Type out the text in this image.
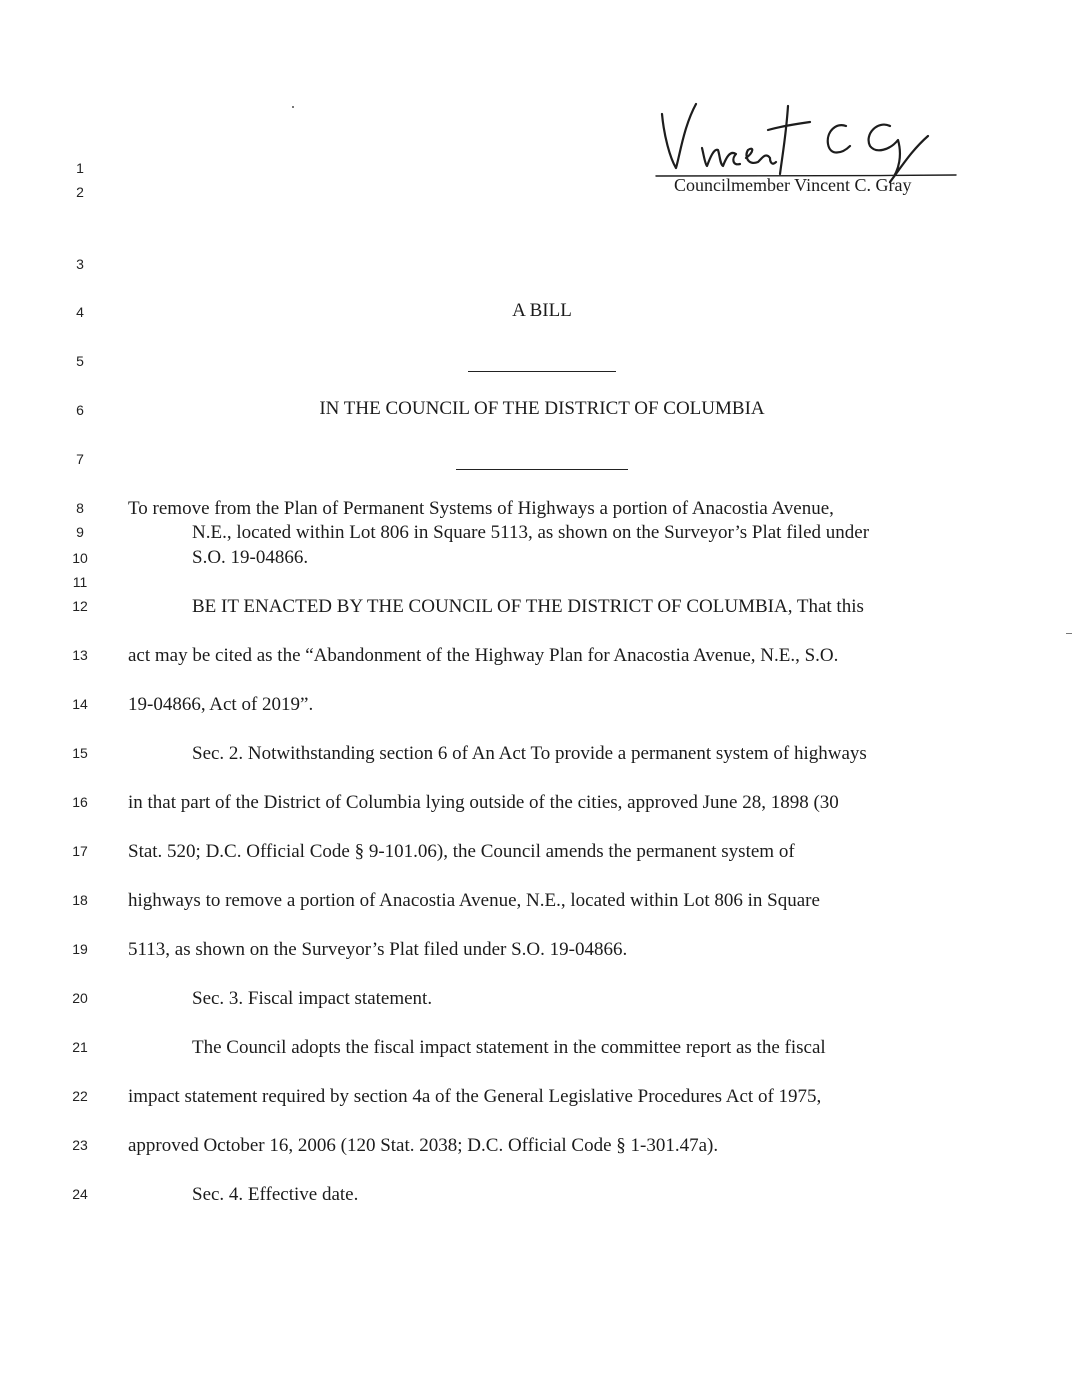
Councilmember Vincent C. Gray
1
2
3
4
5
6
7
8
9
10
11
12
13
14
15
16
17
18
19
20
21
22
23
24
A BILL
IN THE COUNCIL OF THE DISTRICT OF COLUMBIA
To remove from the Plan of Permanent Systems of Highways a portion of Anacostia Avenue,
N.E., located within Lot 806 in Square 5113, as shown on the Surveyor’s Plat filed under
S.O. 19-04866.
BE IT ENACTED BY THE COUNCIL OF THE DISTRICT OF COLUMBIA, That this
act may be cited as the “Abandonment of the Highway Plan for Anacostia Avenue, N.E., S.O.
19-04866, Act of 2019”.
Sec. 2. Notwithstanding section 6 of An Act To provide a permanent system of highways
in that part of the District of Columbia lying outside of the cities, approved June 28, 1898 (30
Stat. 520; D.C. Official Code § 9-101.06), the Council amends the permanent system of
highways to remove a portion of Anacostia Avenue, N.E., located within Lot 806 in Square
5113, as shown on the Surveyor’s Plat filed under S.O. 19-04866.
Sec. 3. Fiscal impact statement.
The Council adopts the fiscal impact statement in the committee report as the fiscal
impact statement required by section 4a of the General Legislative Procedures Act of 1975,
approved October 16, 2006 (120 Stat. 2038; D.C. Official Code § 1-301.47a).
Sec. 4. Effective date.
